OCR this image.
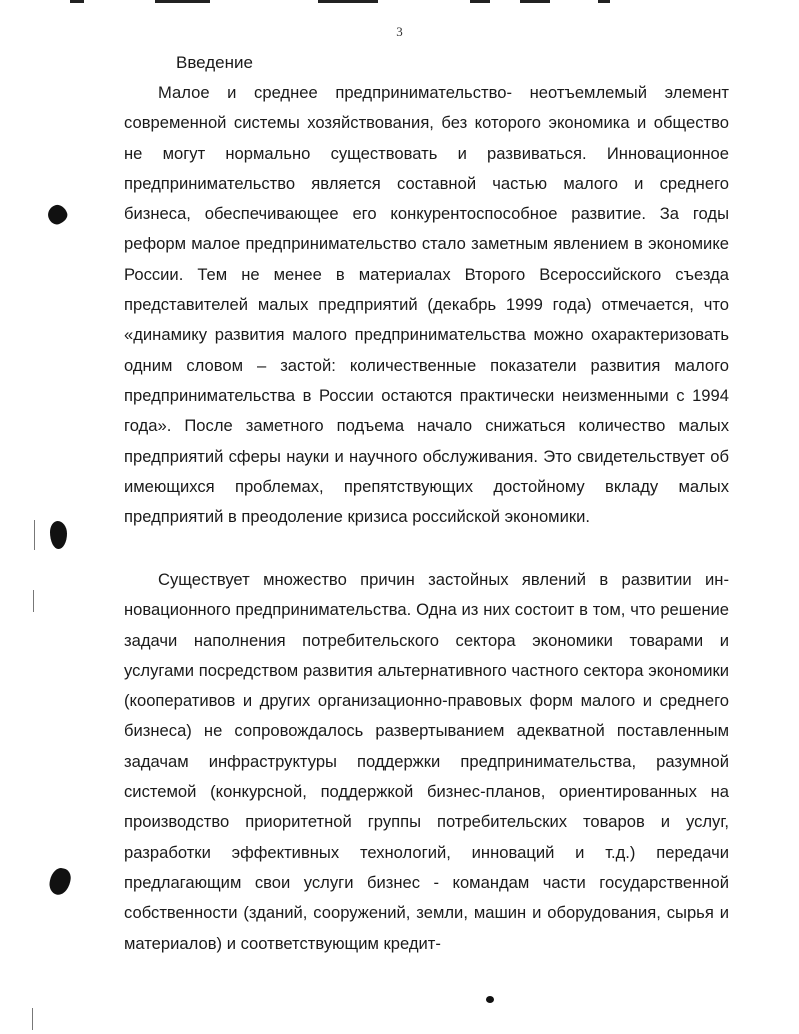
3
Введение

Малое и среднее предпринимательство- неотъемлемый элемент современной системы хозяйствования, без которого экономика и общество не могут нормально существовать и развиваться. Инновационное предпринимательство является составной частью малого и среднего бизнеса, обеспечивающее его конкурентоспособное развитие. За годы реформ малое предпринимательство стало заметным явлением в экономике России. Тем не менее в материалах Второго Всероссийского съезда представителей малых предприятий (декабрь 1999 года) отмечается, что «динамику развития малого предпринимательства можно охарактеризовать одним словом – застой: количественные показатели развития малого предпринимательства в России остаются практически неизменными с 1994 года». После заметного подъема начало снижаться количество малых предприятий сферы науки и научного обслуживания. Это свидетельствует об имеющихся проблемах, препятствующих достойному вкладу малых предприятий в преодоление кризиса российской экономики.

Существует множество причин застойных явлений в развитии инновационного предпринимательства. Одна из них состоит в том, что решение задачи наполнения потребительского сектора экономики товарами и услугами посредством развития альтернативного частного сектора экономики (кооперативов и других организационно-правовых форм малого и среднего бизнеса) не сопровождалось развертыванием адекватной поставленным задачам инфраструктуры поддержки предпринимательства, разумной системой (конкурсной, поддержкой бизнес-планов, ориентированных на производство приоритетной группы потребительских товаров и услуг, разработки эффективных технологий, инноваций и т.д.) передачи предлагающим свои услуги бизнес - командам части государственной собственности (зданий, сооружений, земли, машин и оборудования, сырья и материалов) и соответствующим кредит-
